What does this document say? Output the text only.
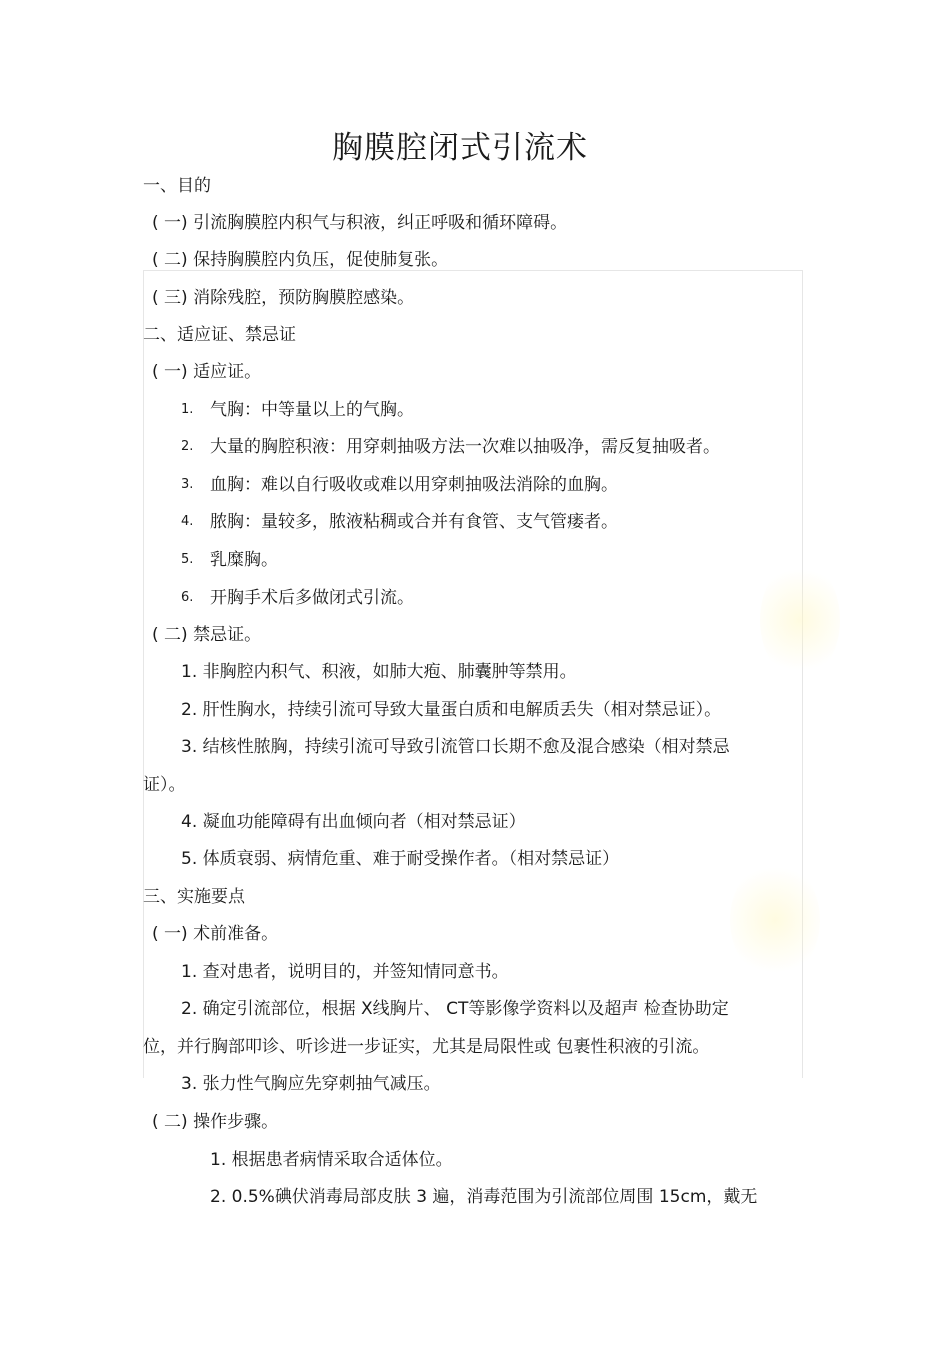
胸膜腔闭式引流术
一、目的
( 一) 引流胸膜腔内积气与积液，纠正呼吸和循环障碍。
( 二) 保持胸膜腔内负压，促使肺复张。
( 三) 消除残腔，预防胸膜腔感染。
二、适应证、禁忌证
( 一) 适应证。
1. 气胸：中等量以上的气胸。
2. 大量的胸腔积液：用穿刺抽吸方法一次难以抽吸净，需反复抽吸者。
3. 血胸：难以自行吸收或难以用穿刺抽吸法消除的血胸。
4. 脓胸：量较多，脓液粘稠或合并有食管、支气管瘘者。
5. 乳糜胸。
6. 开胸手术后多做闭式引流。
( 二) 禁忌证。
1. 非胸腔内积气、积液，如肺大疱、肺囊肿等禁用。
2. 肝性胸水，持续引流可导致大量蛋白质和电解质丢失（相对禁忌证）。
3. 结核性脓胸，持续引流可导致引流管口长期不愈及混合感染（相对禁忌
证）。
4. 凝血功能障碍有出血倾向者（相对禁忌证）
5. 体质衰弱、病情危重、难于耐受操作者。（相对禁忌证）
三、实施要点
( 一) 术前准备。
1. 查对患者，说明目的，并签知情同意书。
2. 确定引流部位，根据 X线胸片、 CT等影像学资料以及超声 检查协助定
位，并行胸部叩诊、听诊进一步证实，尤其是局限性或 包裹性积液的引流。
3. 张力性气胸应先穿刺抽气减压。
( 二) 操作步骤。
1. 根据患者病情采取合适体位。
2. 0.5%碘伏消毒局部皮肤 3 遍，消毒范围为引流部位周围 15cm，戴无
